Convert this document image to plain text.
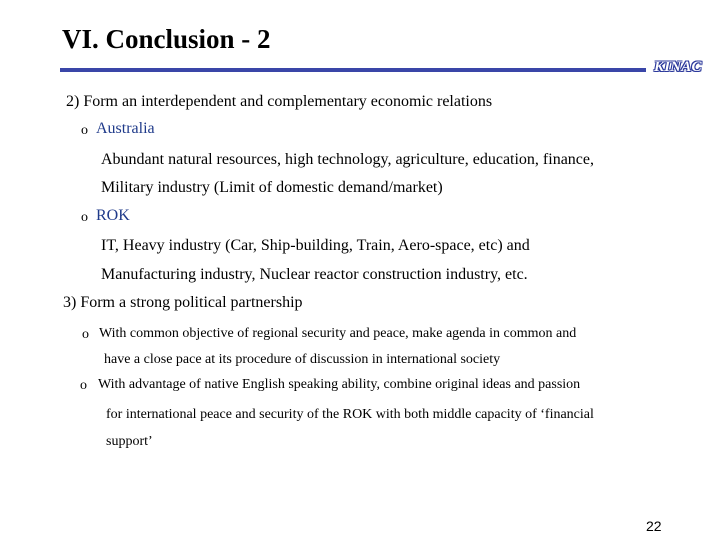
VI. Conclusion - 2
KINAC
2) Form an interdependent and complementary economic relations
o Australia
Abundant natural resources, high technology, agriculture, education, finance,
Military industry (Limit of domestic demand/market)
o ROK
IT, Heavy industry (Car, Ship-building, Train, Aero-space, etc) and
Manufacturing industry, Nuclear reactor construction industry, etc.
3) Form a strong political partnership
o With common objective of regional security and peace, make agenda in common and
have a close pace at its procedure of discussion in international society
o With advantage of native English speaking ability, combine original ideas and passion
for international peace and security of the ROK with both middle capacity of ‘financial
support’
22
